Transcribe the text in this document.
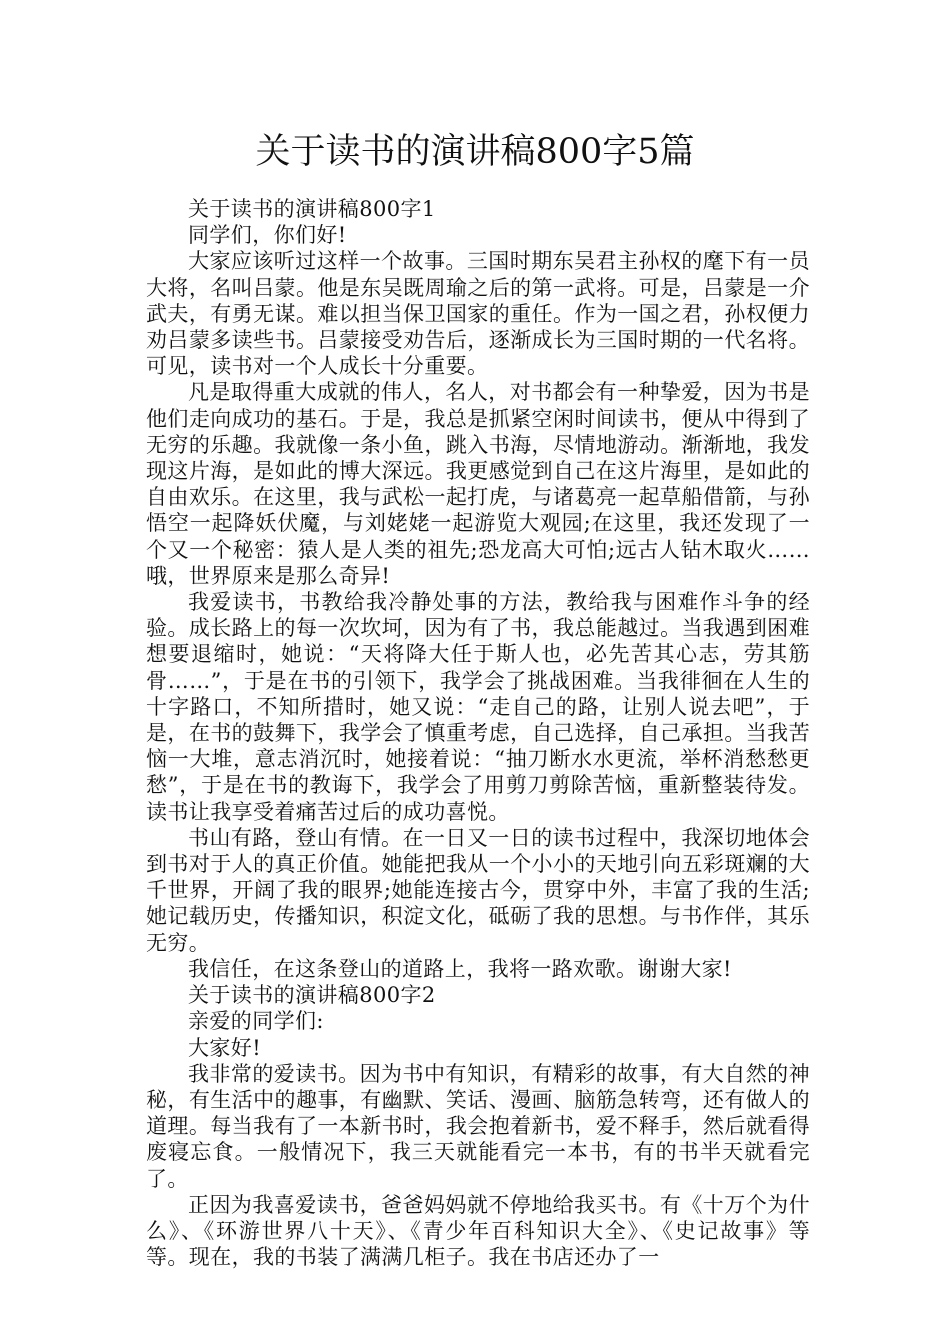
关于读书的演讲稿800字5篇

关于读书的演讲稿800字1

同学们，你们好!

大家应该听过这样一个故事。三国时期东吴君主孙权的麾下有一员大将，名叫吕蒙。他是东吴既周瑜之后的第一武将。可是，吕蒙是一介武夫，有勇无谋。难以担当保卫国家的重任。作为一国之君，孙权便力劝吕蒙多读些书。吕蒙接受劝告后，逐渐成长为三国时期的一代名将。可见，读书对一个人成长十分重要。

凡是取得重大成就的伟人，名人，对书都会有一种挚爱，因为书是他们走向成功的基石。于是，我总是抓紧空闲时间读书，便从中得到了无穷的乐趣。我就像一条小鱼，跳入书海，尽情地游动。渐渐地，我发现这片海，是如此的博大深远。我更感觉到自己在这片海里，是如此的自由欢乐。在这里，我与武松一起打虎，与诸葛亮一起草船借箭，与孙悟空一起降妖伏魔，与刘姥姥一起游览大观园;在这里，我还发现了一个又一个秘密：猿人是人类的祖先;恐龙高大可怕;远古人钻木取火……哦，世界原来是那么奇异!

我爱读书，书教给我冷静处事的方法，教给我与困难作斗争的经验。成长路上的每一次坎坷，因为有了书，我总能越过。当我遇到困难想要退缩时，她说：“天将降大任于斯人也，必先苦其心志，劳其筋骨……”，于是在书的引领下，我学会了挑战困难。当我徘徊在人生的十字路口，不知所措时，她又说：“走自己的路，让别人说去吧”，于是，在书的鼓舞下，我学会了慎重考虑，自己选择，自己承担。当我苦恼一大堆，意志消沉时，她接着说：“抽刀断水水更流，举杯消愁愁更愁”，于是在书的教诲下，我学会了用剪刀剪除苦恼，重新整装待发。读书让我享受着痛苦过后的成功喜悦。

书山有路，登山有情。在一日又一日的读书过程中，我深切地体会到书对于人的真正价值。她能把我从一个小小的天地引向五彩斑斓的大千世界，开阔了我的眼界;她能连接古今，贯穿中外，丰富了我的生活;她记载历史，传播知识，积淀文化，砥砺了我的思想。与书作伴，其乐无穷。

我信任，在这条登山的道路上，我将一路欢歌。谢谢大家!

关于读书的演讲稿800字2

亲爱的同学们:

大家好!

我非常的爱读书。因为书中有知识，有精彩的故事，有大自然的神秘，有生活中的趣事，有幽默、笑话、漫画、脑筋急转弯，还有做人的道理。每当我有了一本新书时，我会抱着新书，爱不释手，然后就看得废寝忘食。一般情况下，我三天就能看完一本书，有的书半天就看完了。

正因为我喜爱读书，爸爸妈妈就不停地给我买书。有《十万个为什么》、《环游世界八十天》、《青少年百科知识大全》、《史记故事》等等。现在，我的书装了满满几柜子。我在书店还办了一
